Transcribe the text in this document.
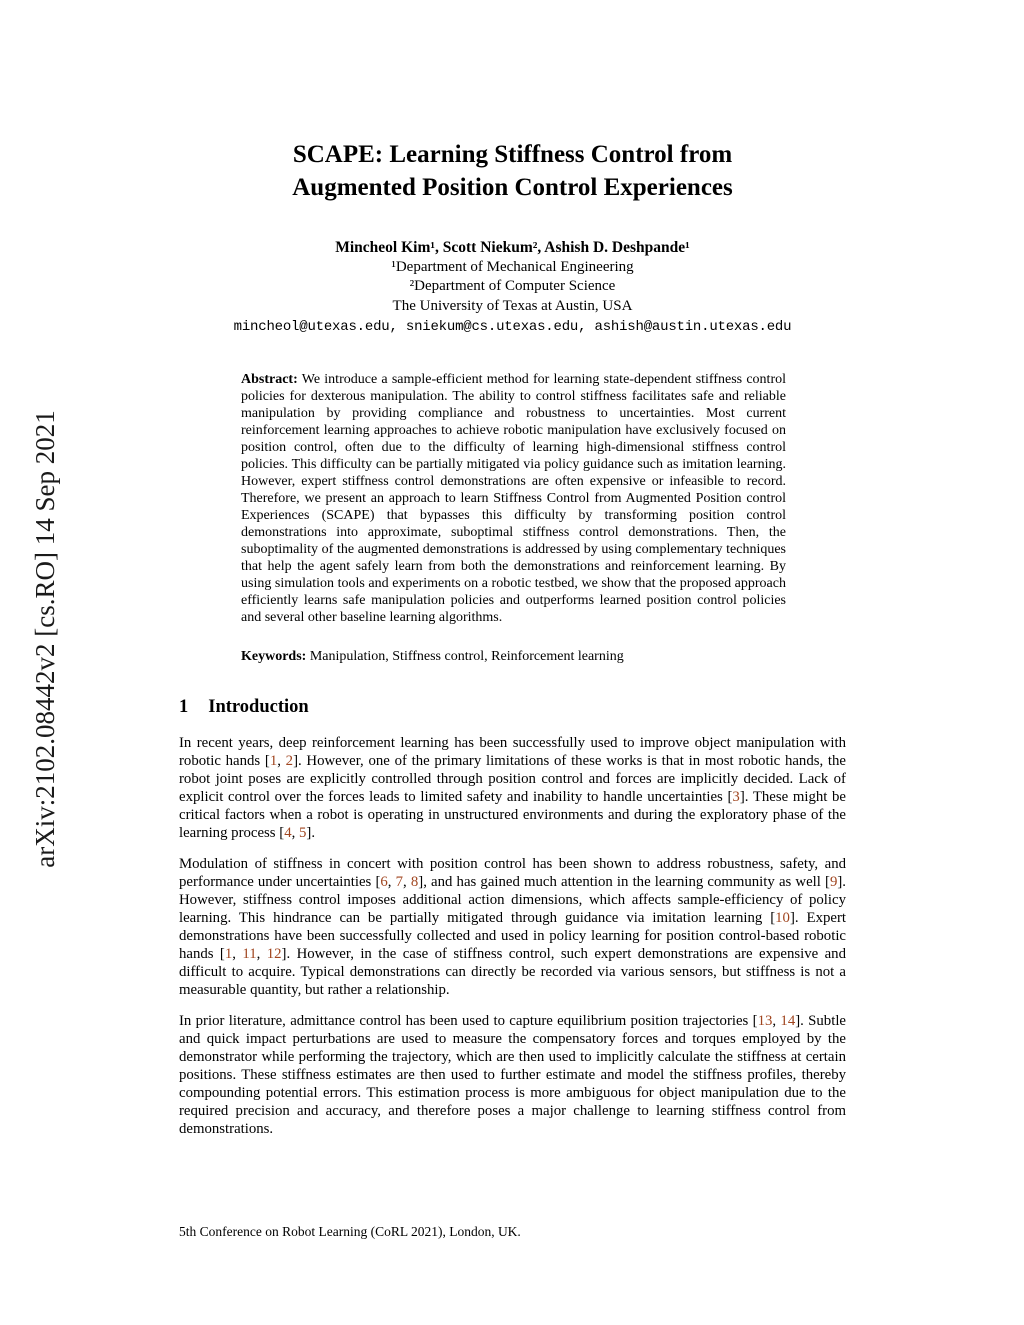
arXiv:2102.08442v2 [cs.RO] 14 Sep 2021
SCAPE: Learning Stiffness Control from
Augmented Position Control Experiences
Mincheol Kim¹, Scott Niekum², Ashish D. Deshpande¹
¹Department of Mechanical Engineering
²Department of Computer Science
The University of Texas at Austin, USA
mincheol@utexas.edu, sniekum@cs.utexas.edu, ashish@austin.utexas.edu
Abstract: We introduce a sample-efficient method for learning state-dependent stiffness control policies for dexterous manipulation. The ability to control stiffness facilitates safe and reliable manipulation by providing compliance and robustness to uncertainties. Most current reinforcement learning approaches to achieve robotic manipulation have exclusively focused on position control, often due to the difficulty of learning high-dimensional stiffness control policies. This difficulty can be partially mitigated via policy guidance such as imitation learning. However, expert stiffness control demonstrations are often expensive or infeasible to record. Therefore, we present an approach to learn Stiffness Control from Augmented Position control Experiences (SCAPE) that bypasses this difficulty by transforming position control demonstrations into approximate, suboptimal stiffness control demonstrations. Then, the suboptimality of the augmented demonstrations is addressed by using complementary techniques that help the agent safely learn from both the demonstrations and reinforcement learning. By using simulation tools and experiments on a robotic testbed, we show that the proposed approach efficiently learns safe manipulation policies and outperforms learned position control policies and several other baseline learning algorithms.
Keywords: Manipulation, Stiffness control, Reinforcement learning
1 Introduction

In recent years, deep reinforcement learning has been successfully used to improve object manipulation with robotic hands [1, 2]. However, one of the primary limitations of these works is that in most robotic hands, the robot joint poses are explicitly controlled through position control and forces are implicitly decided. Lack of explicit control over the forces leads to limited safety and inability to handle uncertainties [3]. These might be critical factors when a robot is operating in unstructured environments and during the exploratory phase of the learning process [4, 5].

Modulation of stiffness in concert with position control has been shown to address robustness, safety, and performance under uncertainties [6, 7, 8], and has gained much attention in the learning community as well [9]. However, stiffness control imposes additional action dimensions, which affects sample-efficiency of policy learning. This hindrance can be partially mitigated through guidance via imitation learning [10]. Expert demonstrations have been successfully collected and used in policy learning for position control-based robotic hands [1, 11, 12]. However, in the case of stiffness control, such expert demonstrations are expensive and difficult to acquire. Typical demonstrations can directly be recorded via various sensors, but stiffness is not a measurable quantity, but rather a relationship.

In prior literature, admittance control has been used to capture equilibrium position trajectories [13, 14]. Subtle and quick impact perturbations are used to measure the compensatory forces and torques employed by the demonstrator while performing the trajectory, which are then used to implicitly calculate the stiffness at certain positions. These stiffness estimates are then used to further estimate and model the stiffness profiles, thereby compounding potential errors. This estimation process is more ambiguous for object manipulation due to the required precision and accuracy, and therefore poses a major challenge to learning stiffness control from demonstrations.

5th Conference on Robot Learning (CoRL 2021), London, UK.
